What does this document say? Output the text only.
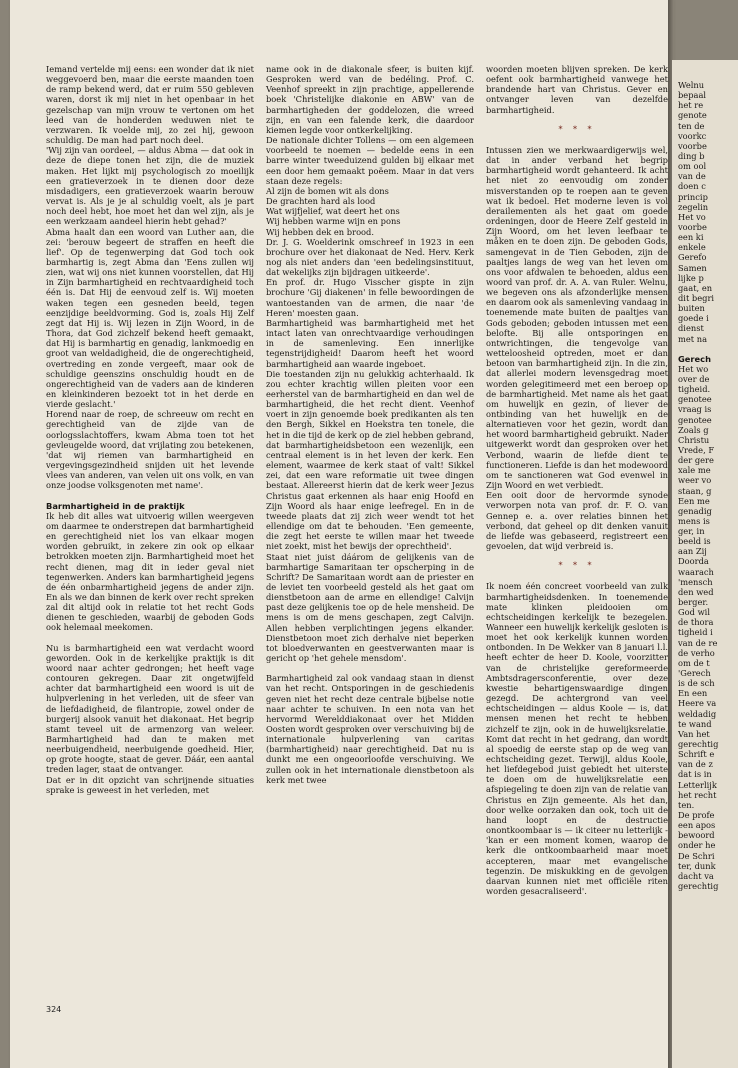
Iemand vertelde mij eens: een wonder dat ik niet weggevoerd ben, maar die eerste maanden toen de ramp bekend werd, dat er ruim 550 gebleven waren, dorst ik mij niet in het openbaar in het gezelschap van mijn vrouw te vertonen om het leed van de honderden weduwen niet te verzwaren. Ik voelde mij, zo zei hij, gewoon schuldig. De man had part noch deel.

'Wij zijn van oordeel, — aldus Abma — dat ook in deze de diepe tonen het zijn, die de muziek maken. Het lijkt mij psychologisch zo moeilijk een gratieverzoek in te dienen door deze misdadigers, een gratieverzoek waarin berouw vervat is. Als je je al schuldig voelt, als je part noch deel hebt, hoe moet het dan wel zijn, als je een werkzaam aandeel hierin hebt gehad?'

Abma haalt dan een woord van Luther aan, die zei: 'berouw begeert de straffen en heeft die lief'. Op de tegenwerping dat God toch ook barmhartig is, zegt Abma dan 'Eens zullen wij zien, wat wij ons niet kunnen voorstellen, dat Hij in Zijn barmhartigheid en rechtvaardigheid toch één is. Dat Hij de eenvoud zelf is. Wij moeten waken tegen een gesneden beeld, tegen eenzijdige beeldvorming. God is, zoals Hij Zelf zegt dat Hij is. Wij lezen in Zijn Woord, in de Thora, dat God zichzelf bekend heeft gemaakt, dat Hij is barmhartig en genadig, lankmoedig en groot van weldadigheid, die de ongerechtigheid, overtreding en zonde vergeeft, maar ook de schuldige geenszins onschuldig houdt en de ongerechtigheid van de vaders aan de kinderen en kleinkinderen bezoekt tot in het derde en vierde geslacht.'

Horend naar de roep, de schreeuw om recht en gerechtigheid van de zijde van de oorlogsslachtoffers, kwam Abma toen tot het gevleugelde woord, dat vrijlating zou betekenen, 'dat wij riemen van barmhartigheid en vergevingsgezindheid snijden uit het levende vlees van anderen, van velen uit ons volk, en van onze joodse volksgenoten met name'.

Barmhartigheid in de praktijk

Ik heb dit alles wat uitvoerig willen weergeven om daarmee te onderstrepen dat barmhartigheid en gerechtigheid niet los van elkaar mogen worden gebruikt, in zekere zin ook op elkaar betrokken moeten zijn. Barmhartigheid moet het recht dienen, mag dit in ieder geval niet tegenwerken. Anders kan barmhartigheid jegens de één onbarmhartigheid jegens de ander zijn. En als we dan binnen de kerk over recht spreken zal dit altijd ook in relatie tot het recht Gods dienen te geschieden, waarbij de geboden Gods ook helemaal meekomen.

Nu is barmhartigheid een wat verdacht woord geworden. Ook in de kerkelijke praktijk is dit woord naar achter gedrongen; het heeft vage contouren gekregen. Daar zit ongetwijfeld achter dat barmhartigheid een woord is uit de hulpverlening in het verleden, uit de sfeer van de liefdadigheid, de filantropie, zowel onder de burgerij alsook vanuit het diakonaat. Het begrip stamt teveel uit de armenzorg van weleer. Barmhartigheid had dan te maken met neerbuigendheid, neerbuigende goedheid. Hier, op grote hoogte, staat de gever. Dáár, een aantal treden lager, staat de ontvanger.

Dat er in dit opzicht van schrijnende situaties sprake is geweest in het verleden, met

name ook in de diakonale sfeer, is buiten kijf. Gesproken werd van de bedéling. Prof. C. Veenhof spreekt in zijn prachtige, appellerende boek 'Christelijke diakonie en ABW' van de barmhartigheden der goddelozen, die wreed zijn, en van een falende kerk, die daardoor kiemen legde voor ontkerkelijking.

De nationale dichter Tollens — om een algemeen voorbeeld te noemen — bedelde eens in een barre winter tweeduizend gulden bij elkaar met een door hem gemaakt poëem. Maar in dat vers staan deze regels:

Al zijn de bomen wit als dons

De grachten hard als lood

Wat wijfjelief, wat deert het ons

Wij hebben warme wijn en pons

Wij hebben dek en brood.

Dr. J. G. Woelderink omschreef in 1923 in een brochure over het diakonaat de Ned. Herv. Kerk nog als niet anders dan 'een bedelingsinstituut, dat wekelijks zijn bijdragen uitkeerde'.

En prof. dr. Hugo Visscher gispte in zijn brochure 'Gij diakenen' in felle bewoordingen de wantoestanden van de armen, die naar 'de Heren' moesten gaan.

Barmhartigheid was barmhartigheid met het intact laten van onrechtvaardige verhoudingen in de samenleving. Een innerlijke tegenstrijdigheid! Daarom heeft het woord barmhartigheid aan waarde ingeboet.

Die toestanden zijn nu gelukkig achterhaald. Ik zou echter krachtig willen pleiten voor een eerherstel van de barmhartigheid en dan wel de barmhartigheid, die het recht dient. Veenhof voert in zijn genoemde boek predikanten als ten den Bergh, Sikkel en Hoekstra ten tonele, die het in die tijd de kerk op de ziel hebben gebrand, dat barmhartigheidsbetoon een wezenlijk, een centraal element is in het leven der kerk. Een element, waarmee de kerk staat of valt! Sikkel zei, dat een ware reformatie uit twee dingen bestaat. Allereerst hierin dat de kerk weer Jezus Christus gaat erkennen als haar enig Hoofd en Zijn Woord als haar enige leefregel. En in de tweede plaats dat zij zich weer wendt tot het ellendige om dat te behouden. 'Een gemeente, die zegt het eerste te willen maar het tweede niet zoekt, mist het bewijs der oprechtheid'.

Staat niet juist dáárom de gelijkenis van de barmhartige Samaritaan ter opscherping in de Schrift? De Samaritaan wordt aan de priester en de leviet ten voorbeeld gesteld als het gaat om dienstbetoon aan de arme en ellendige! Calvijn past deze gelijkenis toe op de hele mensheid. De mens is om de mens geschapen, zegt Calvijn. Allen hebben verplichtingen jegens elkander. Dienstbetoon moet zich derhalve niet beperken tot bloedverwanten en geestverwanten maar is gericht op 'het gehele mensdom'.

Barmhartigheid zal ook vandaag staan in dienst van het recht. Ontsporingen in de geschiedenis geven niet het recht deze centrale bijbelse notie naar achter te schuiven. In een nota van het hervormd Werelddiakonaat over het Midden Oosten wordt gesproken over verschuiving bij de internationale hulpverlening van caritas (barmhartigheid) naar gerechtigheid. Dat nu is dunkt me een ongeoorloofde verschuiving. We zullen ook in het internationale dienstbetoon als kerk met twee

woorden moeten blijven spreken. De kerk oefent ook barmhartigheid vanwege het brandende hart van Christus. Gever en ontvanger leven van dezelfde barmhartigheid.

* * *

Intussen zien we merkwaardigerwijs wel, dat in ander verband het begrip barmhartigheid wordt gehanteerd. Ik acht het niet zo eenvoudig om zonder misverstanden op te roepen aan te geven wat ik bedoel. Het moderne leven is vol derailementen als het gaat om goede ordeningen, door de Heere Zelf gesteld in Zijn Woord, om het leven leefbaar te måken en te doen zijn. De geboden Gods, samengevat in de Tien Geboden, zijn de paaltjes langs de weg van het leven om ons voor afdwalen te behoeden, aldus een woord van prof. dr. A. A. van Ruler. Welnu, we begeven ons als afzonderlijke mensen en daarom ook als samenleving vandaag in toenemende mate buiten de paaltjes van Gods geboden; geboden intussen met een belofte. Bij alle ontsporingen en ontwrichtingen, die tengevolge van wetteloosheid optreden, moet er dan betoon van barmhartigheid zijn. In die zin, dat allerlei modern levensgedrag moet worden gelegitimeerd met een beroep op de barmhartigheid. Met name als het gaat om huwelijk en gezin, of liever de ontbinding van het huwelijk en de alternatieven voor het gezin, wordt dan het woord barmhartigheid gebruikt. Nader uitgewerkt wordt dan gesproken over het Verbond, waarin de liefde dient te functioneren. Liefde is dan het modewoord om te sanctioneren wat God evenwel in Zijn Woord en wet verbiedt.

Een ooit door de hervormde synode verworpen nota van prof. dr. F. O. van Gennep e. a. over relaties binnen het verbond, dat geheel op dit denken vanuit de liefde was gebaseerd, registreert een gevoelen, dat wijd verbreid is.

* * *

Ik noem één concreet voorbeeld van zulk barmhartigheidsdenken. In toenemende mate klinken pleidooien om echtscheidingen kerkelijk te bezegelen. Wanneer een huwelijk kerkelijk gesloten is moet het ook kerkelijk kunnen worden ontbonden. In De Wekker van 8 januari l.l. heeft echter de heer D. Koole, voorzitter van de christelijke gereformeerde Ambtsdragersconferentie, over deze kwestie behartigenswaardige dingen gezegd. De achtergrond van veel echtscheidingen — aldus Koole — is, dat mensen menen het recht te hebben zichzelf te zijn, ook in de huwelijksrelatie. Komt dat recht in het gedrang, dan wordt al spoedig de eerste stap op de weg van echtscheiding gezet. Terwijl, aldus Koole, het liefdegebod juist gebiedt het uiterste te doen om de huwelijksrelatie een afspiegeling te doen zijn van de relatie van Christus en Zijn gemeente. Als het dan, door welke oorzaken dan ook, toch uit de hand loopt en de destructie onontkoombaar is — ik citeer nu letterlijk - 'kan er een moment komen, waarop de kerk die ontkoombaarheid maar moet accepteren, maar met evangelische tegenzin. De miskukking en de gevolgen daarvan kunnen niet met officiële riten worden gesacraliseerd'.

324
Welnu
bepaal
het re
genote
ten de
voorkc
voorbe
ding b
om ool
van de
doen c
princip
zegelin
Het vo
voorbe
een ki
enkele
Gerefo
Samen
lijke p
gaat, en
dit begri
buiten
goede i
dienst
met na
Gerech
Het wo
over de
tigheid.
genotee
vraag is
genotee
Zoals g
Christu
Vrede, F
der gere
xale me
weer vo
staan, g
Een me
genadig
mens is
ger, in
beeld is
aan Zij
Doorda
waarach
'mensch
den wed
berger.
God wil
de thora
tigheid i
van de re
de verho
om de t
'Gerech
is de sch
En een
Heere va
weldadig
te wand
Van het
gerechtig
Schrift e
van de z
dat is in
Letterlijk
het recht
ten.
De profe
een apos
bewoord
onder he
De Schri
ter, dunk
dacht va
gerechtig
